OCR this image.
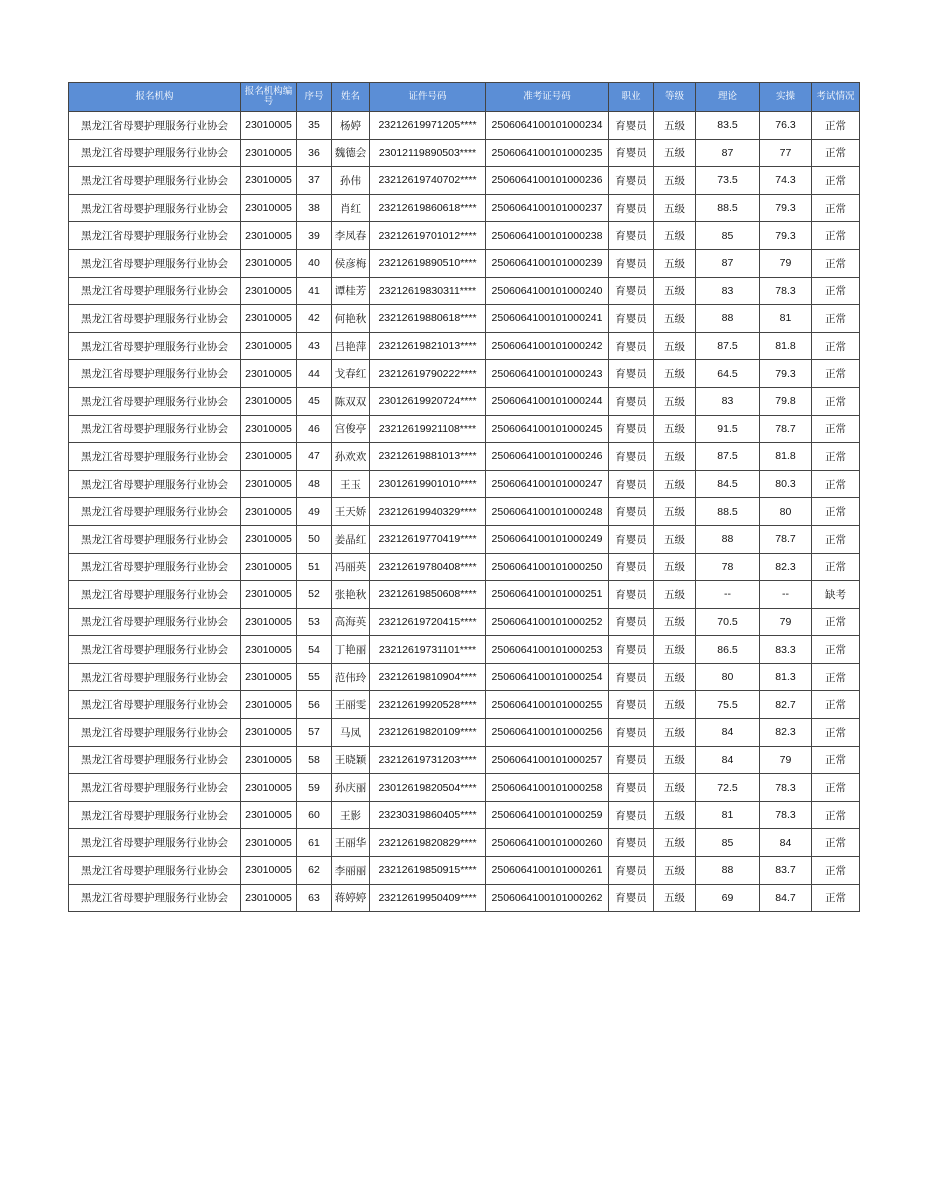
报名机构	报名机构编号	序号	姓名	证件号码	准考证号码	职业	等级	理论	实操	考试情况
黑龙江省母婴护理服务行业协会	23010005	35	杨婷	23212619971205****	2506064100101000234	育婴员	五级	83.5	76.3	正常
黑龙江省母婴护理服务行业协会	23010005	36	魏德会	23012119890503****	2506064100101000235	育婴员	五级	87	77	正常
黑龙江省母婴护理服务行业协会	23010005	37	孙伟	23212619740702****	2506064100101000236	育婴员	五级	73.5	74.3	正常
黑龙江省母婴护理服务行业协会	23010005	38	肖红	23212619860618****	2506064100101000237	育婴员	五级	88.5	79.3	正常
黑龙江省母婴护理服务行业协会	23010005	39	李凤春	23212619701012****	2506064100101000238	育婴员	五级	85	79.3	正常
黑龙江省母婴护理服务行业协会	23010005	40	侯彦梅	23212619890510****	2506064100101000239	育婴员	五级	87	79	正常
黑龙江省母婴护理服务行业协会	23010005	41	谭桂芳	23212619830311****	2506064100101000240	育婴员	五级	83	78.3	正常
黑龙江省母婴护理服务行业协会	23010005	42	何艳秋	23212619880618****	2506064100101000241	育婴员	五级	88	81	正常
黑龙江省母婴护理服务行业协会	23010005	43	吕艳萍	23212619821013****	2506064100101000242	育婴员	五级	87.5	81.8	正常
黑龙江省母婴护理服务行业协会	23010005	44	戈春红	23212619790222****	2506064100101000243	育婴员	五级	64.5	79.3	正常
黑龙江省母婴护理服务行业协会	23010005	45	陈双双	23012619920724****	2506064100101000244	育婴员	五级	83	79.8	正常
黑龙江省母婴护理服务行业协会	23010005	46	宫俊亭	23212619921108****	2506064100101000245	育婴员	五级	91.5	78.7	正常
黑龙江省母婴护理服务行业协会	23010005	47	孙欢欢	23212619881013****	2506064100101000246	育婴员	五级	87.5	81.8	正常
黑龙江省母婴护理服务行业协会	23010005	48	王玉	23012619901010****	2506064100101000247	育婴员	五级	84.5	80.3	正常
黑龙江省母婴护理服务行业协会	23010005	49	王天娇	23212619940329****	2506064100101000248	育婴员	五级	88.5	80	正常
黑龙江省母婴护理服务行业协会	23010005	50	姜晶红	23212619770419****	2506064100101000249	育婴员	五级	88	78.7	正常
黑龙江省母婴护理服务行业协会	23010005	51	冯丽英	23212619780408****	2506064100101000250	育婴员	五级	78	82.3	正常
黑龙江省母婴护理服务行业协会	23010005	52	张艳秋	23212619850608****	2506064100101000251	育婴员	五级	--	--	缺考
黑龙江省母婴护理服务行业协会	23010005	53	高海英	23212619720415****	2506064100101000252	育婴员	五级	70.5	79	正常
黑龙江省母婴护理服务行业协会	23010005	54	丁艳丽	23212619731101****	2506064100101000253	育婴员	五级	86.5	83.3	正常
黑龙江省母婴护理服务行业协会	23010005	55	范伟玲	23212619810904****	2506064100101000254	育婴员	五级	80	81.3	正常
黑龙江省母婴护理服务行业协会	23010005	56	王丽雯	23212619920528****	2506064100101000255	育婴员	五级	75.5	82.7	正常
黑龙江省母婴护理服务行业协会	23010005	57	马凤	23212619820109****	2506064100101000256	育婴员	五级	84	82.3	正常
黑龙江省母婴护理服务行业协会	23010005	58	王晓颖	23212619731203****	2506064100101000257	育婴员	五级	84	79	正常
黑龙江省母婴护理服务行业协会	23010005	59	孙庆丽	23012619820504****	2506064100101000258	育婴员	五级	72.5	78.3	正常
黑龙江省母婴护理服务行业协会	23010005	60	王影	23230319860405****	2506064100101000259	育婴员	五级	81	78.3	正常
黑龙江省母婴护理服务行业协会	23010005	61	王丽华	23212619820829****	2506064100101000260	育婴员	五级	85	84	正常
黑龙江省母婴护理服务行业协会	23010005	62	李丽丽	23212619850915****	2506064100101000261	育婴员	五级	88	83.7	正常
黑龙江省母婴护理服务行业协会	23010005	63	蒋婷婷	23212619950409****	2506064100101000262	育婴员	五级	69	84.7	正常
